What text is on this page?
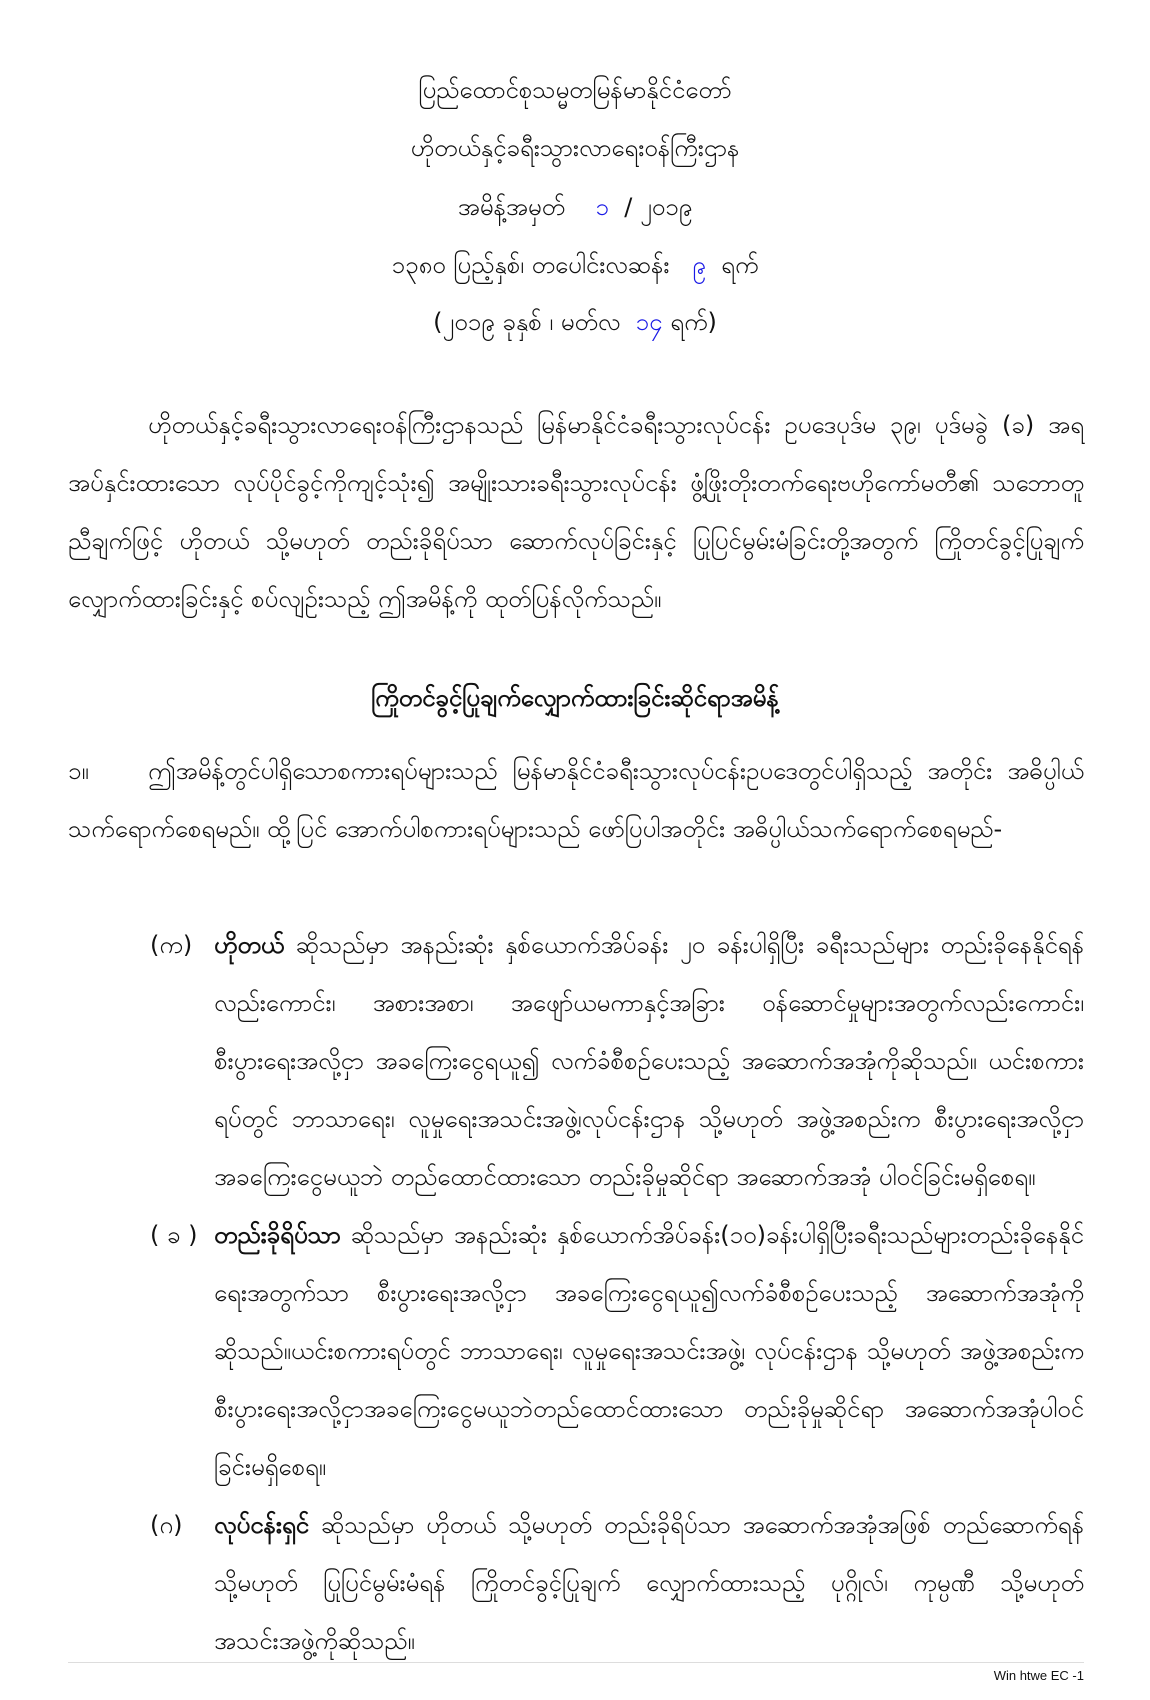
ပြည်ထောင်စုသမ္မတမြန်မာနိုင်ငံတော်
ဟိုတယ်နှင့်ခရီးသွားလာရေးဝန်ကြီးဌာန
အမိန့်အမှတ် ၁ / ၂၀၁၉
၁၃၈၀ ပြည့်နှစ်၊ တပေါင်းလဆန်း ၉ ရက်
(၂၀၁၉ ခုနှစ် ၊ မတ်လ ၁၄ ရက်)
ဟိုတယ်နှင့်ခရီးသွားလာရေးဝန်ကြီးဌာနသည် မြန်မာနိုင်ငံခရီးသွားလုပ်ငန်း ဥပဒေပုဒ်မ ၃၉၊ ပုဒ်မခွဲ (ခ) အရ အပ်နှင်းထားသော လုပ်ပိုင်ခွင့်ကိုကျင့်သုံး၍ အမျိုးသားခရီးသွားလုပ်ငန်း ဖွံ့ဖြိုးတိုးတက်ရေးဗဟိုကော်မတီ၏ သဘောတူညီချက်ဖြင့် ဟိုတယ် သို့မဟုတ် တည်းခိုရိပ်သာ ဆောက်လုပ်ခြင်းနှင့် ပြုပြင်မွမ်းမံခြင်းတို့အတွက် ကြိုတင်ခွင့်ပြုချက် လျှောက်ထားခြင်းနှင့် စပ်လျဉ်းသည့် ဤအမိန့်ကို ထုတ်ပြန်လိုက်သည်။
ကြိုတင်ခွင့်ပြုချက်လျှောက်ထားခြင်းဆိုင်ရာအမိန့်
၁။ ဤအမိန့်တွင်ပါရှိသောစကားရပ်များသည် မြန်မာနိုင်ငံခရီးသွားလုပ်ငန်းဥပဒေတွင်ပါရှိသည့် အတိုင်း အဓိပ္ပါယ်သက်ရောက်စေရမည်။ ထို့ပြင် အောက်ပါစကားရပ်များသည် ဖော်ပြပါအတိုင်း အဓိပ္ပါယ်သက်ရောက်စေရမည်-
(က) ဟိုတယ် ဆိုသည်မှာ အနည်းဆုံး နှစ်ယောက်အိပ်ခန်း ၂၀ ခန်းပါရှိပြီး ခရီးသည်များ တည်းခိုနေနိုင်ရန်လည်းကောင်း၊ အစားအစာ၊ အဖျော်ယမကာနှင့်အခြား ဝန်ဆောင်မှုများအတွက်လည်းကောင်း၊ စီးပွားရေးအလို့ငှာ အခကြေးငွေရယူ၍ လက်ခံစီစဉ်ပေးသည့် အဆောက်အအုံကိုဆိုသည်။ ယင်းစကားရပ်တွင် ဘာသာရေး၊ လူမှုရေးအသင်းအဖွဲ့၊လုပ်ငန်းဌာန သို့မဟုတ် အဖွဲ့အစည်းက စီးပွားရေးအလို့ငှာ အခကြေးငွေမယူဘဲ တည်ထောင်ထားသော တည်းခိုမှုဆိုင်ရာ အဆောက်အအုံ ပါဝင်ခြင်းမရှိစေရ။
( ခ ) တည်းခိုရိပ်သာ ဆိုသည်မှာ အနည်းဆုံး နှစ်ယောက်အိပ်ခန်း(၁၀)ခန်းပါရှိပြီးခရီးသည်များတည်းခိုနေနိုင်ရေးအတွက်သာ စီးပွားရေးအလို့ငှာ အခကြေးငွေရယူ၍လက်ခံစီစဉ်ပေးသည့် အဆောက်အအုံကိုဆိုသည်။ယင်းစကားရပ်တွင် ဘာသာရေး၊ လူမှုရေးအသင်းအဖွဲ့၊ လုပ်ငန်းဌာန သို့မဟုတ် အဖွဲ့အစည်းက စီးပွားရေးအလို့ငှာအခကြေးငွေမယူဘဲတည်ထောင်ထားသော တည်းခိုမှုဆိုင်ရာ အဆောက်အအုံပါဝင်ခြင်းမရှိစေရ။
(ဂ)	လုပ်ငန်းရှင် ဆိုသည်မှာ ဟိုတယ် သို့မဟုတ် တည်းခိုရိပ်သာ အဆောက်အအုံအဖြစ် တည်ဆောက်ရန် သို့မဟုတ် ပြုပြင်မွမ်းမံရန် ကြိုတင်ခွင့်ပြုချက် လျှောက်ထားသည့် ပုဂ္ဂိုလ်၊ ကုမ္ပဏီ သို့မဟုတ် အသင်းအဖွဲ့ကိုဆိုသည်။
Win htwe EC -1
